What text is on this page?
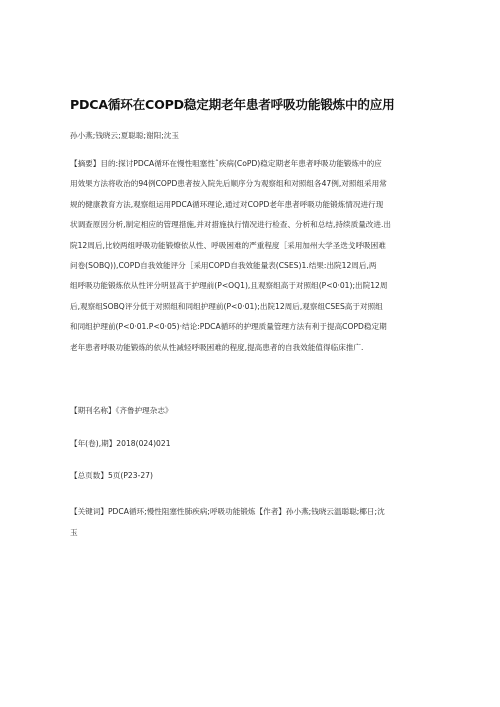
PDCA循环在COPD稳定期老年患者呼吸功能锻炼中的应用
孙小燕;钱晓云;夏聪聪;谢阳;沈玉
【摘要】目的:探讨PDCA循环在慢性咀塞性ˆ疾病(CoPD)稳定期老年患者呼吸功能锻炼中的应
用效果方法将收治的94例COPD患者按入院先后顺序分为观察组和对照组各47例,对照组采用常
规的健康教育方法,观察组运用PDCA循环理论,通过对COPD老年患者呼吸功能锻炼情况进行现
状调查原因分析,制定相应的管理措施,并对措施执行情况进行检查、分析和总结,持续质量改进.出
院12周后,比较两组呼吸功能锻燎依从性、呼吸困难的严重程度［采用加州大学圣迭戈呼吸困难
问卷(SOBQ)),COPD自我效能评分［采用COPD自我效能量表(CSES)1.结果:出院12周后,两
组呼吸功能锻炼依从性评分明显高于护理前(P<OQ1),且观察组高于对照组(P<0·01);出院12周
后,观察组SOBQ评分低于对照组和同组护理前(P<0·01);出院12周后,观察组CSES高于对照组
和同组护理前(P<0·01.P<0·05)·结论:PDCA循环的护理质量管理方法有利于提高COPD稳定期
老年患者呼吸功能锻炼的依从性减轻呼吸困难的程度,提高患者的自我效能值得临床推广.
【期刊名称】《齐鲁护理杂志》
【年(卷),期】2018(024)021
【总页数】5页(P23-27)
【关键词】PDCA循环;慢性阻塞性肺疾病;呼吸功能锻炼【作者】孙小燕;钱晓云温聪聪;椰日;沈
玉
